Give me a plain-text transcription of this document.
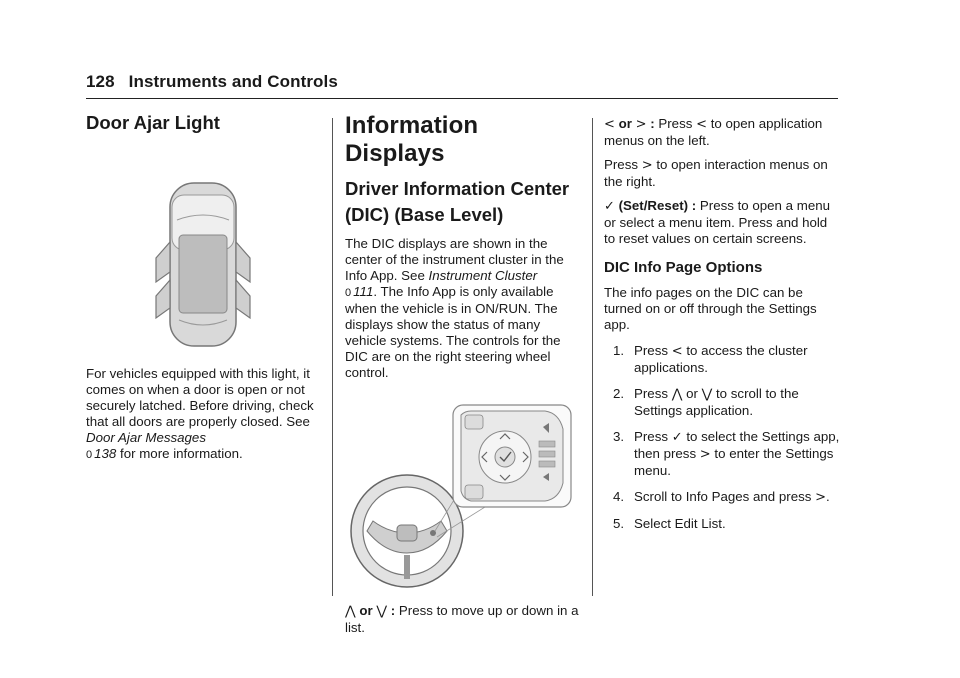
128 Instruments and Controls
Door Ajar Light

For vehicles equipped with this light, it comes on when a door is open or not securely latched. Before driving, check that all doors are properly closed. See Door Ajar Messages
0 138 for more information.

Information Displays
Driver Information Center (DIC) (Base Level)

The DIC displays are shown in the center of the instrument cluster in the Info App. See Instrument Cluster
0 111. The Info App is only available when the vehicle is in ON/RUN. The displays show the status of many vehicle systems. The controls for the DIC are on the right steering wheel control.

⋀ or ⋁ : Press to move up or down in a list.

< or > : Press < to open application menus on the left.

Press > to open interaction menus on the right.

✓ (Set/Reset) : Press to open a menu or select a menu item. Press and hold to reset values on certain screens.

DIC Info Page Options

The info pages on the DIC can be turned on or off through the Settings app.

1. Press < to access the cluster applications.
2. Press ⋀ or ⋁ to scroll to the Settings application.
3. Press ✓ to select the Settings app, then press > to enter the Settings menu.
4. Scroll to Info Pages and press >.
5. Select Edit List.
